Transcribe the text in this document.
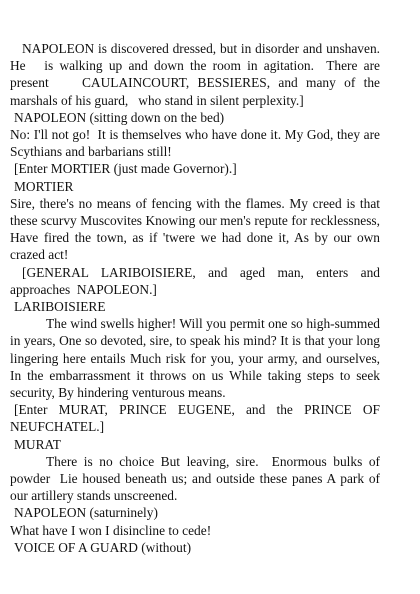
NAPOLEON is discovered dressed, but in disorder and unshaven.  He   is walking up and down the room in agitation.  There are present    CAULAINCOURT, BESSIERES, and many of the marshals of his guard,   who stand in silent perplexity.]

NAPOLEON (sitting down on the bed)

No: I'll not go!  It is themselves who have done it. My God, they are Scythians and barbarians still!

[Enter MORTIER (just made Governor).]

MORTIER

Sire, there's no means of fencing with the flames. My creed is that these scurvy Muscovites Knowing our men's repute for recklessness, Have fired the town, as if 'twere we had done it, As by our own crazed act!

[GENERAL LARIBOISIERE, and aged man, enters and approaches  NAPOLEON.]

LARIBOISIERE

The wind swells higher! Will you permit one so high-summed in years, One so devoted, sire, to speak his mind? It is that your long lingering here entails Much risk for you, your army, and ourselves, In the embarrassment it throws on us While taking steps to seek security, By hindering venturous means.

[Enter MURAT, PRINCE EUGENE, and the PRINCE OF NEUFCHATEL.]

MURAT

There is no choice But leaving, sire.  Enormous bulks of powder  Lie housed beneath us; and outside these panes A park of our artillery stands unscreened.

NAPOLEON (saturninely)

What have I won I disincline to cede!

VOICE OF A GUARD (without)
